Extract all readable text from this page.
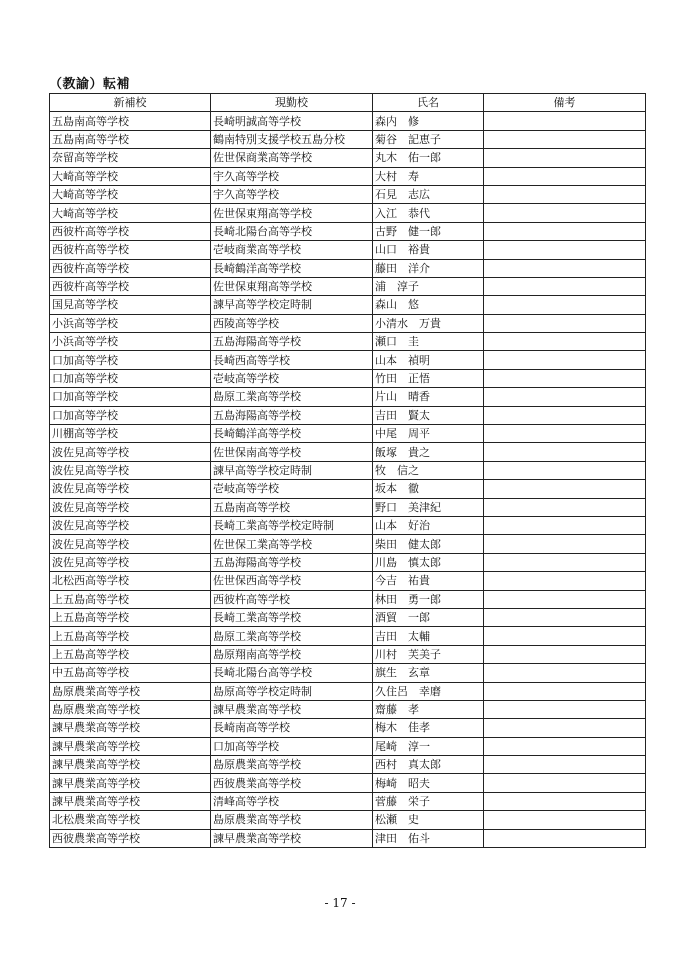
（教諭）転補
新補校	現勤校	氏名	備考
五島南高等学校	長崎明誠高等学校	森内　修	
五島南高等学校	鶴南特別支援学校五島分校	菊谷　記恵子	
奈留高等学校	佐世保商業高等学校	丸木　佑一郎	
大崎高等学校	宇久高等学校	大村　寿	
大崎高等学校	宇久高等学校	石見　志広	
大崎高等学校	佐世保東翔高等学校	入江　恭代	
西彼杵高等学校	長崎北陽台高等学校	古野　健一郎	
西彼杵高等学校	壱岐商業高等学校	山口　裕貴	
西彼杵高等学校	長崎鶴洋高等学校	藤田　洋介	
西彼杵高等学校	佐世保東翔高等学校	浦　淳子	
国見高等学校	諫早高等学校定時制	森山　悠	
小浜高等学校	西陵高等学校	小清水　万貴	
小浜高等学校	五島海陽高等学校	瀬口　圭	
口加高等学校	長崎西高等学校	山本　禎明	
口加高等学校	壱岐高等学校	竹田　正悟	
口加高等学校	島原工業高等学校	片山　晴香	
口加高等学校	五島海陽高等学校	吉田　賢太	
川棚高等学校	長崎鶴洋高等学校	中尾　周平	
波佐見高等学校	佐世保南高等学校	飯塚　貴之	
波佐見高等学校	諫早高等学校定時制	牧　信之	
波佐見高等学校	壱岐高等学校	坂本　徹	
波佐見高等学校	五島南高等学校	野口　美津紀	
波佐見高等学校	長崎工業高等学校定時制	山本　好治	
波佐見高等学校	佐世保工業高等学校	柴田　健太郎	
波佐見高等学校	五島海陽高等学校	川島　慎太郎	
北松西高等学校	佐世保西高等学校	今吉　祐貴	
上五島高等学校	西彼杵高等学校	林田　勇一郎	
上五島高等学校	長崎工業高等学校	酒貿　一郎	
上五島高等学校	島原工業高等学校	吉田　太輔	
上五島高等学校	島原翔南高等学校	川村　芙美子	
中五島高等学校	長崎北陽台高等学校	旗生　玄章	
島原農業高等学校	島原高等学校定時制	久住呂　幸磨	
島原農業高等学校	諫早農業高等学校	齋藤　孝	
諫早農業高等学校	長崎南高等学校	梅木　佳孝	
諫早農業高等学校	口加高等学校	尾崎　淳一	
諫早農業高等学校	島原農業高等学校	西村　真太郎	
諫早農業高等学校	西彼農業高等学校	梅崎　昭夫	
諫早農業高等学校	清峰高等学校	菅藤　栄子	
北松農業高等学校	島原農業高等学校	松瀬　史	
西彼農業高等学校	諫早農業高等学校	津田　佑斗	
- 17 -
